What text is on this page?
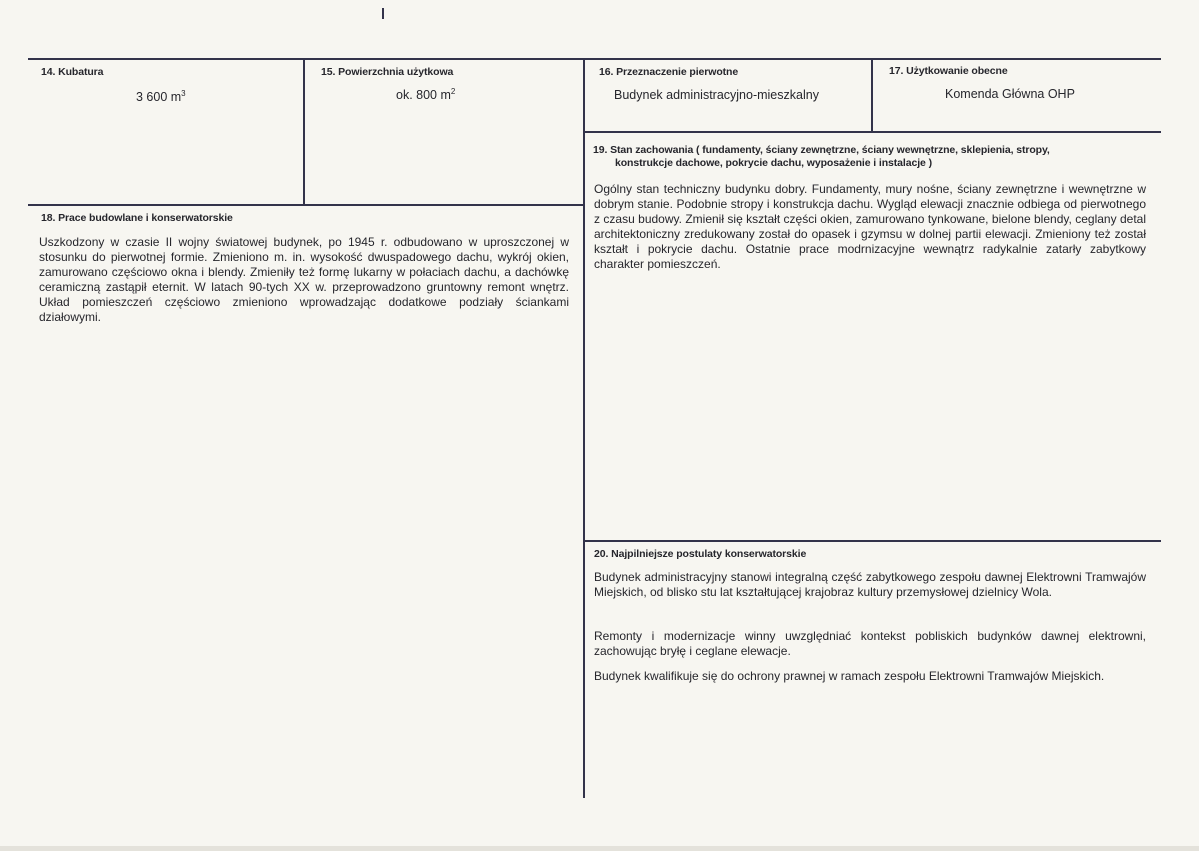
14. Kubatura
3 600 $m^3$
15. Powierzchnia użytkowa
ok. 800 $m^2$
16. Przeznaczenie pierwotne
Budynek administracyjno-mieszkalny
17. Użytkowanie obecne
Komenda Główna OHP
19. Stan zachowania ( fundamenty, ściany zewnętrzne, ściany wewnętrzne, sklepienia, stropy,
konstrukcje dachowe, pokrycie dachu, wyposażenie i instalacje )

Ogólny stan techniczny budynku dobry. Fundamenty, mury nośne, ściany zewnętrzne i wewnętrzne w dobrym stanie. Podobnie stropy i konstrukcja dachu. Wygląd elewacji znacznie odbiega od pierwotnego z czasu budowy. Zmienił się kształt części okien, zamurowano tynkowane, bielone blendy, ceglany detal architektoniczny zredukowany został do opasek i gzymsu w dolnej partii elewacji. Zmieniony też został kształt i pokrycie dachu. Ostatnie prace modrnizacyjne wewnątrz radykalnie zatarły zabytkowy charakter pomieszczeń.

18. Prace budowlane i konserwatorskie

Uszkodzony w czasie II wojny światowej budynek, po 1945 r. odbudowano w uproszczonej w stosunku do pierwotnej formie. Zmieniono m. in. wysokość dwuspadowego dachu, wykrój okien, zamurowano częściowo okna i blendy. Zmieniły też formę lukarny w połaciach dachu, a dachówkę ceramiczną zastąpił eternit. W latach 90-tych XX w. przeprowadzono gruntowny remont wnętrz. Układ pomieszczeń częściowo zmieniono wprowadzając dodatkowe podziały ściankami działowymi.

20. Najpilniejsze postulaty konserwatorskie

Budynek administracyjny stanowi integralną część zabytkowego zespołu dawnej Elektrowni Tramwajów Miejskich, od blisko stu lat kształtującej krajobraz kultury przemysłowej dzielnicy Wola.

Remonty i modernizacje winny uwzględniać kontekst pobliskich budynków dawnej elektrowni, zachowując bryłę i ceglane elewacje.

Budynek kwalifikuje się do ochrony prawnej w ramach zespołu Elektrowni Tramwajów Miejskich.
